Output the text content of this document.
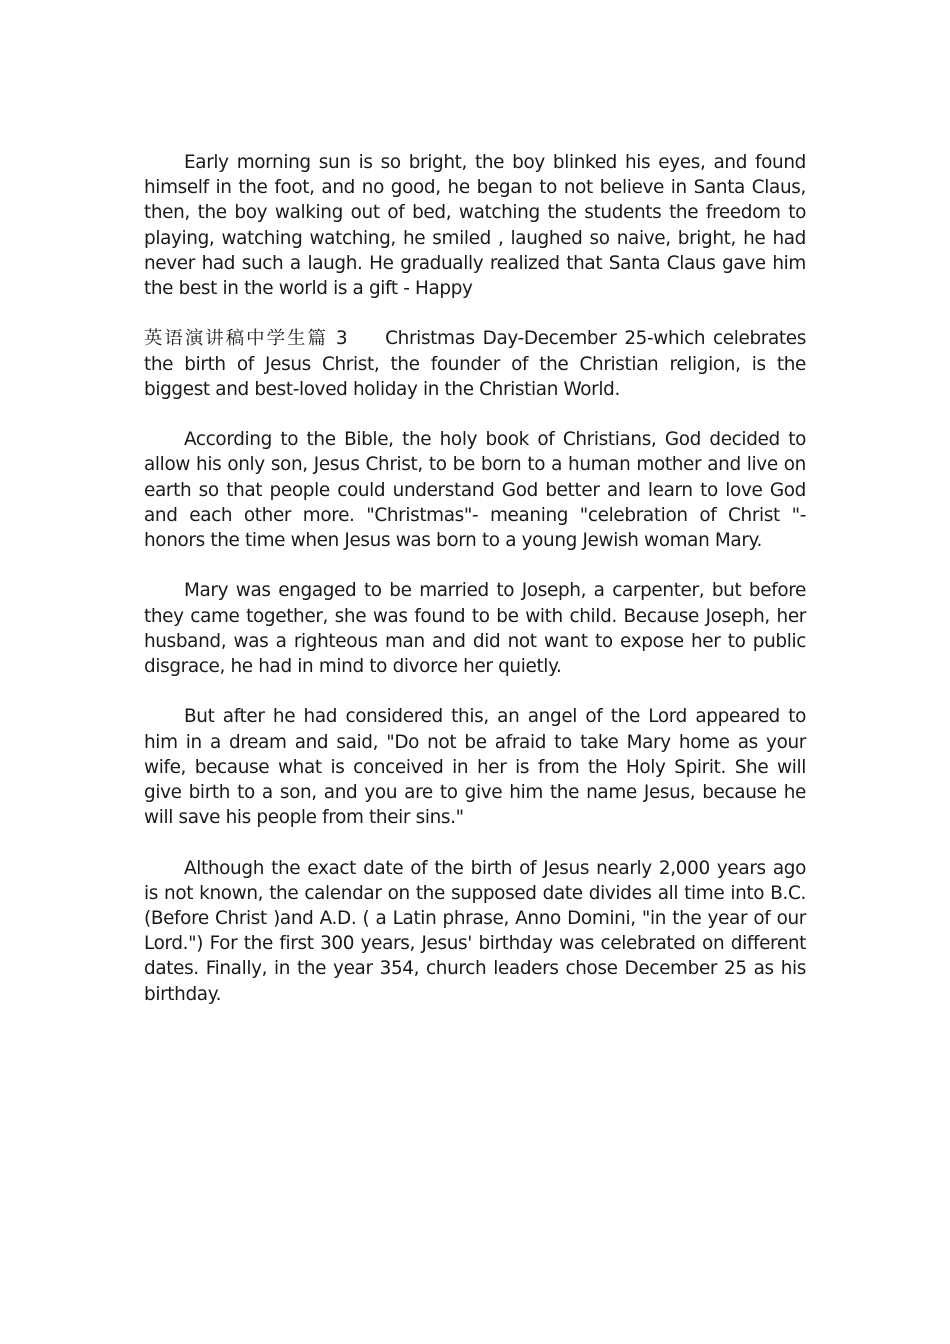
Early morning sun is so bright, the boy blinked his eyes, and found himself in the foot, and no good, he began to not believe in Santa Claus, then, the boy walking out of bed, watching the students the freedom to playing, watching watching, he smiled , laughed so naive, bright, he had never had such a laugh. He gradually realized that Santa Claus gave him the best in the world is a gift - Happy

英语演讲稿中学生篇 3 Christmas Day-December 25-which celebrates the birth of Jesus Christ, the founder of the Christian religion, is the biggest and best-loved holiday in the Christian World.

According to the Bible, the holy book of Christians, God decided to allow his only son, Jesus Christ, to be born to a human mother and live on earth so that people could understand God better and learn to love God and each other more. "Christmas"- meaning "celebration of Christ "- honors the time when Jesus was born to a young Jewish woman Mary.

Mary was engaged to be married to Joseph, a carpenter, but before they came together, she was found to be with child. Because Joseph, her husband, was a righteous man and did not want to expose her to public disgrace, he had in mind to divorce her quietly.

But after he had considered this, an angel of the Lord appeared to him in a dream and said, "Do not be afraid to take Mary home as your wife, because what is conceived in her is from the Holy Spirit. She will give birth to a son, and you are to give him the name Jesus, because he will save his people from their sins."

Although the exact date of the birth of Jesus nearly 2,000 years ago is not known, the calendar on the supposed date divides all time into B.C. (Before Christ )and A.D. ( a Latin phrase, Anno Domini, "in the year of our Lord.") For the first 300 years, Jesus' birthday was celebrated on different dates. Finally, in the year 354, church leaders chose December 25 as his birthday.
